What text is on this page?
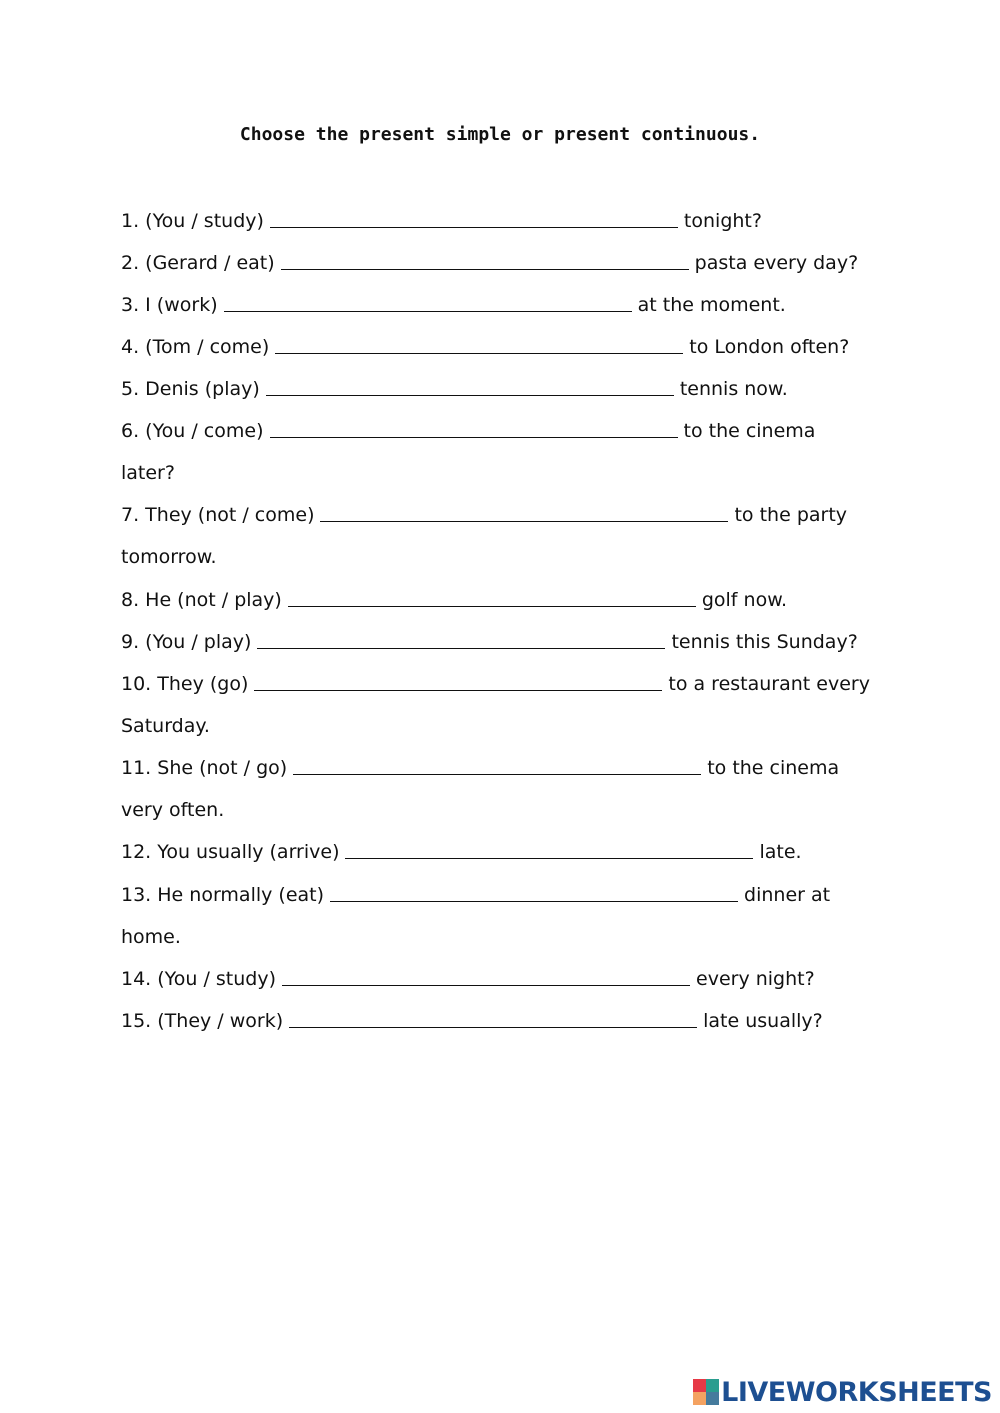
Choose the present simple or present continuous.
1. (You / study)	tonight?
2. (Gerard / eat)	pasta every day?
3. I (work)	at the moment.
4. (Tom / come)	to London often?
5. Denis (play)	tennis now.
6. (You / come)	to the cinema
later?
7. They (not / come)	to the party
tomorrow.
8. He (not / play)	golf now.
9. (You / play)	tennis this Sunday?
10. They (go)	to a restaurant every
Saturday.
11. She (not / go)	to the cinema
very often.
12. You usually (arrive)	late.
13. He normally (eat)	dinner at
home.
14. (You / study)	every night?
15. (They / work)	late usually?
LIVEWORKSHEETS
